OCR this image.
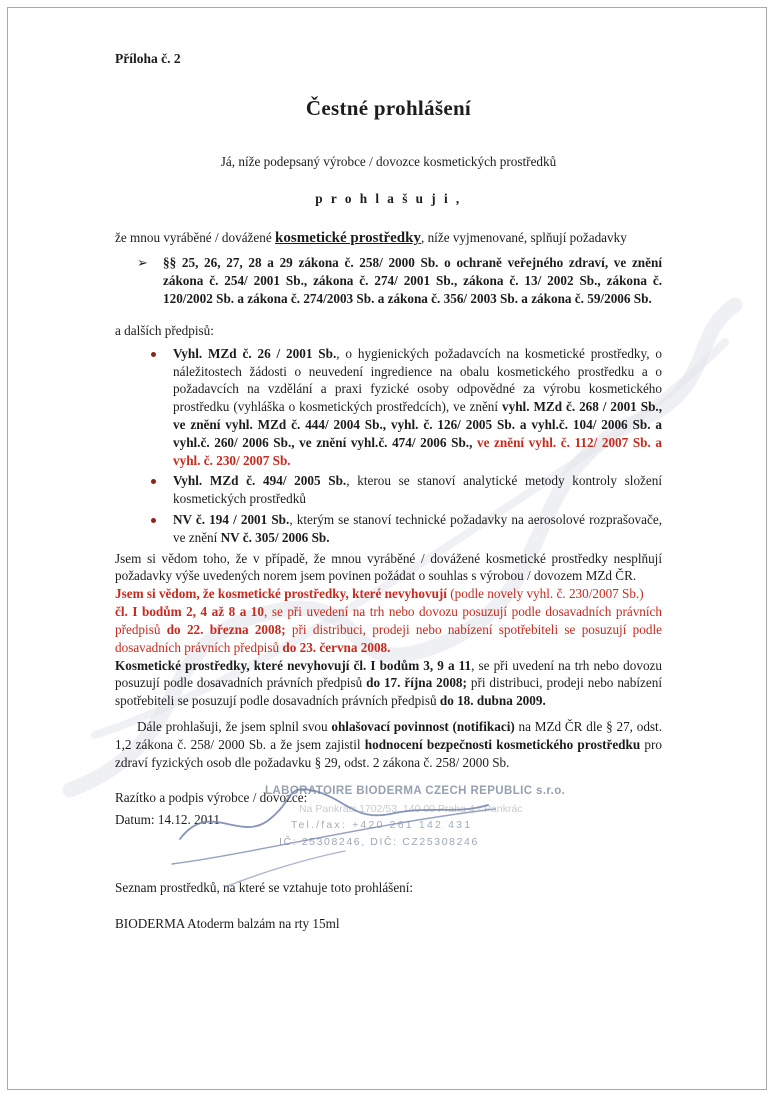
Příloha č. 2
Čestné prohlášení
Já, níže podepsaný výrobce / dovozce kosmetických prostředků
p r o h l a š u j i ,
že mnou vyráběné / dovážené kosmetické prostředky, níže vyjmenované, splňují požadavky
➢ §§ 25, 26, 27, 28 a 29 zákona č. 258/ 2000 Sb. o ochraně veřejného zdraví, ve znění zákona č. 254/ 2001 Sb., zákona č. 274/ 2001 Sb., zákona č. 13/ 2002 Sb., zákona č. 120/2002 Sb. a zákona č. 274/2003 Sb. a zákona č. 356/ 2003 Sb. a zákona č. 59/2006 Sb.
a dalších předpisů:
Vyhl. MZd č. 26 / 2001 Sb., o hygienických požadavcích na kosmetické prostředky, o náležitostech žádosti o neuvedení ingredience na obalu kosmetického prostředku a o požadavcích na vzdělání a praxi fyzické osoby odpovědné za výrobu kosmetického prostředku (vyhláška o kosmetických prostředcích), ve znění vyhl. MZd č. 268 / 2001 Sb., ve znění vyhl. MZd č. 444/ 2004 Sb., vyhl. č. 126/ 2005 Sb. a vyhl.č. 104/ 2006 Sb. a vyhl.č. 260/ 2006 Sb., ve znění vyhl.č. 474/ 2006 Sb., ve znění vyhl. č. 112/ 2007 Sb. a vyhl. č. 230/ 2007 Sb.
Vyhl. MZd č. 494/ 2005 Sb., kterou se stanoví analytické metody kontroly složení kosmetických prostředků
NV č. 194 / 2001 Sb., kterým se stanoví technické požadavky na aerosolové rozprašovače, ve znění NV č. 305/ 2006 Sb.
Jsem si vědom toho, že v případě, že mnou vyráběné / dovážené kosmetické prostředky nesplňují požadavky výše uvedených norem jsem povinen požádat o souhlas s výrobou / dovozem MZd ČR.
Jsem si vědom, že kosmetické prostředky, které nevyhovují (podle novely vyhl. č. 230/2007 Sb.)
čl. I bodům 2, 4 až 8 a 10, se při uvedení na trh nebo dovozu posuzují podle dosavadních právních předpisů do 22. března 2008; při distribuci, prodeji nebo nabízení spotřebiteli se posuzují podle dosavadních právních předpisů do 23. června 2008.
Kosmetické prostředky, které nevyhovují čl. I bodům 3, 9 a 11, se při uvedení na trh nebo dovozu posuzují podle dosavadních právních předpisů do 17. října 2008; při distribuci, prodeji nebo nabízení spotřebiteli se posuzují podle dosavadních právních předpisů do 18. dubna 2009.
Dále prohlašuji, že jsem splnil svou ohlašovací povinnost (notifikaci) na MZd ČR dle § 27, odst. 1,2 zákona č. 258/ 2000 Sb. a že jsem zajistil hodnocení bezpečnosti kosmetického prostředku pro zdraví fyzických osob dle požadavku § 29, odst. 2 zákona č. 258/ 2000 Sb.
Razítko a podpis výrobce / dovozce:
Datum: 14.12. 2011
LABORATOIRE BIODERMA CZECH REPUBLIC s.r.o.
Na Pankráci 1702/53, 140 00 Praha 4 - Pankrác
Tel./fax: +420 261 142 431
IČ: 25308246, DIČ: CZ25308246
Seznam prostředků, na které se vztahuje toto prohlášení:
BIODERMA Atoderm balzám na rty 15ml
